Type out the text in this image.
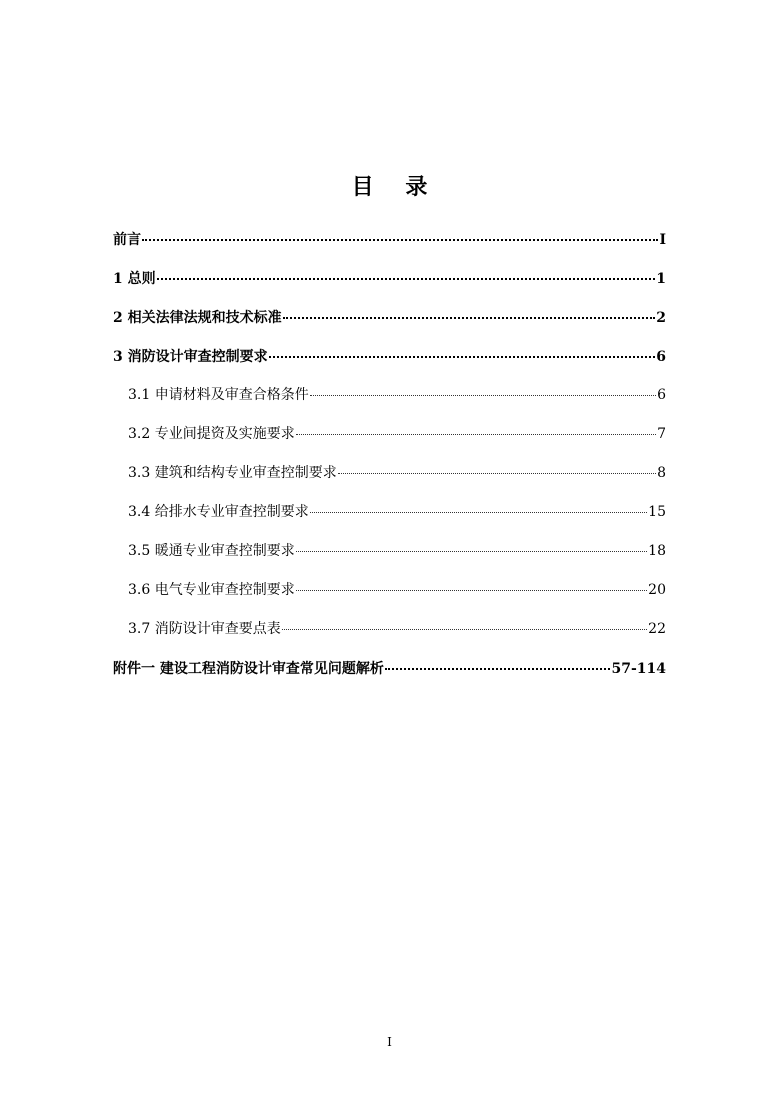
目 录
前言	I
1 总则	1
2 相关法律法规和技术标准	2
3 消防设计审查控制要求	6
3.1 申请材料及审查合格条件	6
3.2 专业间提资及实施要求	7
3.3 建筑和结构专业审查控制要求	8
3.4 给排水专业审查控制要求	15
3.5 暖通专业审查控制要求	18
3.6 电气专业审查控制要求	20
3.7 消防设计审查要点表	22
附件一 建设工程消防设计审查常见问题解析	57-114
I
